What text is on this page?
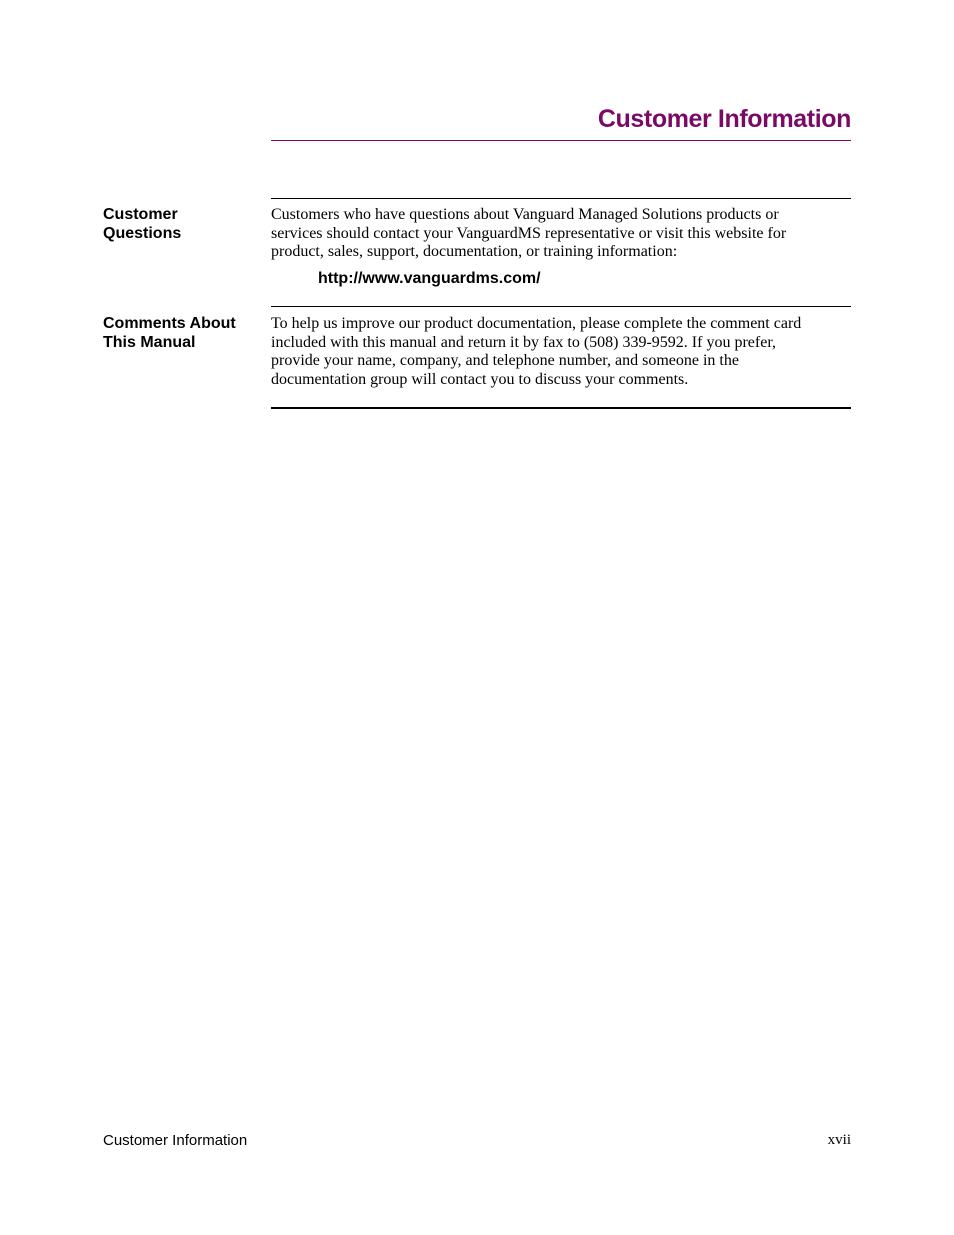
Customer Information
Customer
Questions

Customers who have questions about Vanguard Managed Solutions products or
services should contact your VanguardMS representative or visit this website for
product, sales, support, documentation, or training information:

http://www.vanguardms.com/
Comments About
This Manual

To help us improve our product documentation, please complete the comment card
included with this manual and return it by fax to (508) 339-9592. If you prefer,
provide your name, company, and telephone number, and someone in the
documentation group will contact you to discuss your comments.

Customer Information	xvii
